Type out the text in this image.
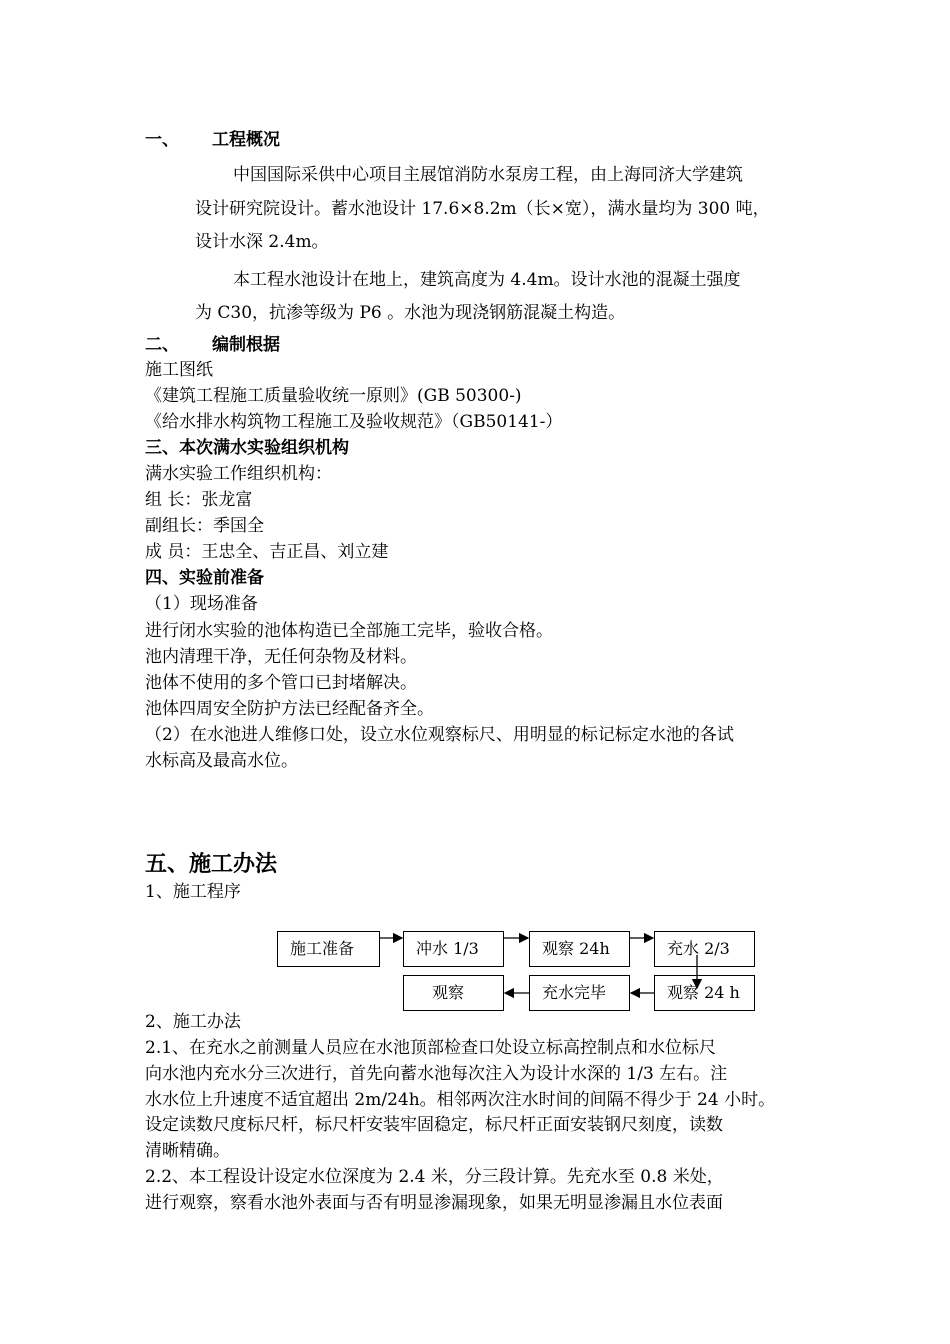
一、 工程概况
中国国际采供中心项目主展馆消防水泵房工程，由上海同济大学建筑
设计研究院设计。蓄水池设计 17.6×8.2m（长×宽），满水量均为 300 吨，
设计水深 2.4m。
本工程水池设计在地上，建筑高度为 4.4m。设计水池的混凝土强度
为 C30，抗渗等级为 P6 。水池为现浇钢筋混凝土构造。
二、 编制根据
施工图纸
《建筑工程施工质量验收统一原则》(GB 50300-)
《给水排水构筑物工程施工及验收规范》（GB50141-）
三、本次满水实验组织机构
满水实验工作组织机构：
组 长：张龙富
副组长：季国全
成 员：王忠全、吉正昌、刘立建
四、实验前准备
（1）现场准备
进行闭水实验的池体构造已全部施工完毕，验收合格。
池内清理干净，无任何杂物及材料。
池体不使用的多个管口已封堵解决。
池体四周安全防护方法已经配备齐全。
（2）在水池进人维修口处，设立水位观察标尺、用明显的标记标定水池的各试
水标高及最高水位。
五、施工办法
1、施工程序
施工准备	冲水 1/3	观察 24h	充水 2/3
观察	充水完毕	观察 24 h
2、施工办法
2.1、在充水之前测量人员应在水池顶部检查口处设立标高控制点和水位标尺
向水池内充水分三次进行，首先向蓄水池每次注入为设计水深的 1/3 左右。注
水水位上升速度不适宜超出 2m/24h。相邻两次注水时间的间隔不得少于 24 小时。
设定读数尺度标尺杆，标尺杆安装牢固稳定，标尺杆正面安装钢尺刻度，读数
清晰精确。
2.2、本工程设计设定水位深度为 2.4 米，分三段计算。先充水至 0.8 米处，
进行观察，察看水池外表面与否有明显渗漏现象，如果无明显渗漏且水位表面
